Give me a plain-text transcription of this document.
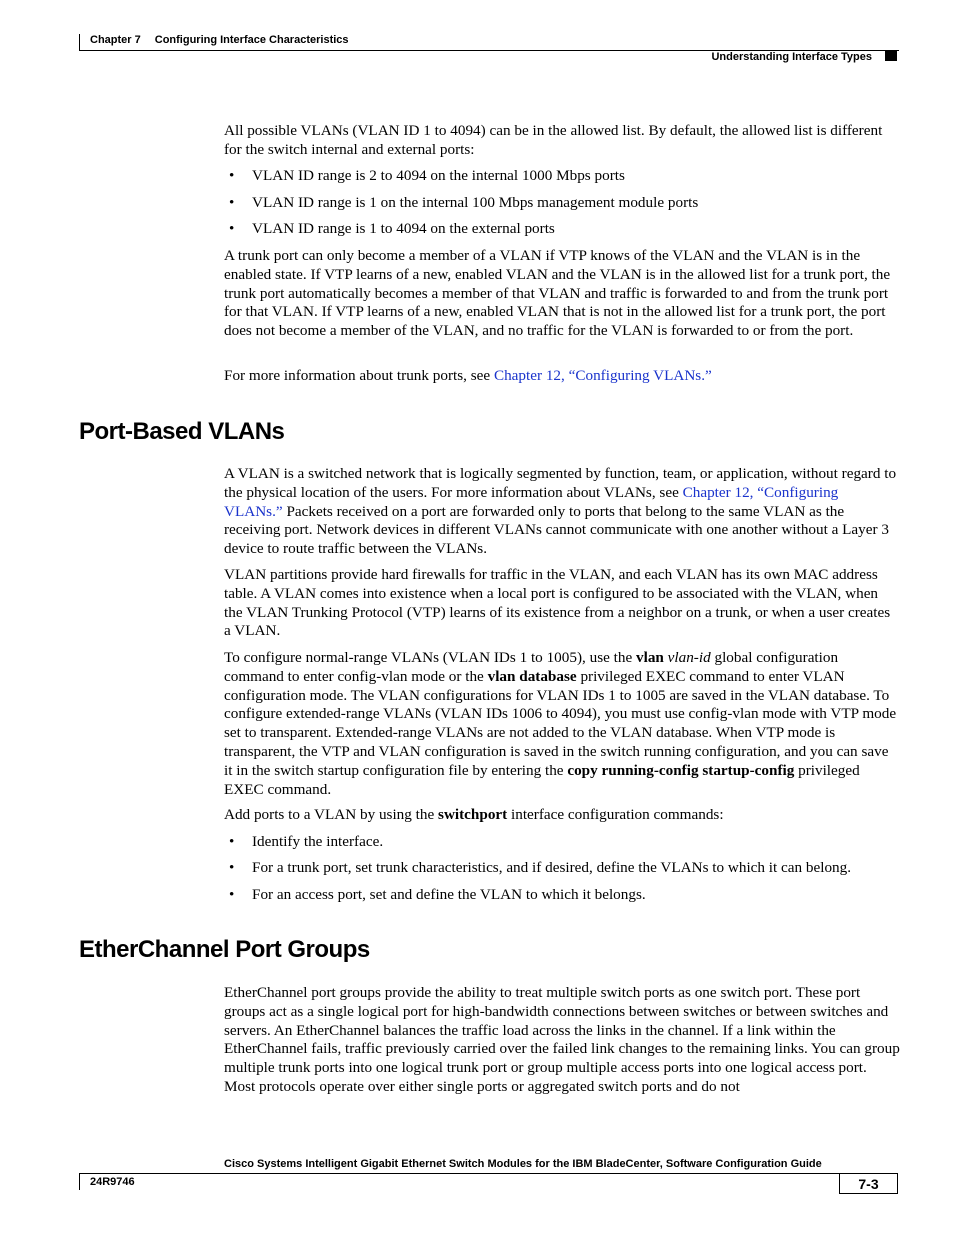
Chapter 7 Configuring Interface Characteristics
Understanding Interface Types

All possible VLANs (VLAN ID 1 to 4094) can be in the allowed list. By default, the allowed list is different for the switch internal and external ports:

• VLAN ID range is 2 to 4094 on the internal 1000 Mbps ports
• VLAN ID range is 1 on the internal 100 Mbps management module ports
• VLAN ID range is 1 to 4094 on the external ports

A trunk port can only become a member of a VLAN if VTP knows of the VLAN and the VLAN is in the enabled state. If VTP learns of a new, enabled VLAN and the VLAN is in the allowed list for a trunk port, the trunk port automatically becomes a member of that VLAN and traffic is forwarded to and from the trunk port for that VLAN. If VTP learns of a new, enabled VLAN that is not in the allowed list for a trunk port, the port does not become a member of the VLAN, and no traffic for the VLAN is forwarded to or from the port.

For more information about trunk ports, see Chapter 12, “Configuring VLANs.”

Port-Based VLANs

A VLAN is a switched network that is logically segmented by function, team, or application, without regard to the physical location of the users. For more information about VLANs, see Chapter 12, “Configuring VLANs.” Packets received on a port are forwarded only to ports that belong to the same VLAN as the receiving port. Network devices in different VLANs cannot communicate with one another without a Layer 3 device to route traffic between the VLANs.

VLAN partitions provide hard firewalls for traffic in the VLAN, and each VLAN has its own MAC address table. A VLAN comes into existence when a local port is configured to be associated with the VLAN, when the VLAN Trunking Protocol (VTP) learns of its existence from a neighbor on a trunk, or when a user creates a VLAN.

To configure normal-range VLANs (VLAN IDs 1 to 1005), use the vlan vlan-id global configuration command to enter config-vlan mode or the vlan database privileged EXEC command to enter VLAN configuration mode. The VLAN configurations for VLAN IDs 1 to 1005 are saved in the VLAN database. To configure extended-range VLANs (VLAN IDs 1006 to 4094), you must use config-vlan mode with VTP mode set to transparent. Extended-range VLANs are not added to the VLAN database. When VTP mode is transparent, the VTP and VLAN configuration is saved in the switch running configuration, and you can save it in the switch startup configuration file by entering the copy running-config startup-config privileged EXEC command.

Add ports to a VLAN by using the switchport interface configuration commands:

• Identify the interface.
• For a trunk port, set trunk characteristics, and if desired, define the VLANs to which it can belong.
• For an access port, set and define the VLAN to which it belongs.
EtherChannel Port Groups

EtherChannel port groups provide the ability to treat multiple switch ports as one switch port. These port groups act as a single logical port for high-bandwidth connections between switches or between switches and servers. An EtherChannel balances the traffic load across the links in the channel. If a link within the EtherChannel fails, traffic previously carried over the failed link changes to the remaining links. You can group multiple trunk ports into one logical trunk port or group multiple access ports into one logical access port. Most protocols operate over either single ports or aggregated switch ports and do not

Cisco Systems Intelligent Gigabit Ethernet Switch Modules for the IBM BladeCenter, Software Configuration Guide
24R9746	7-3
